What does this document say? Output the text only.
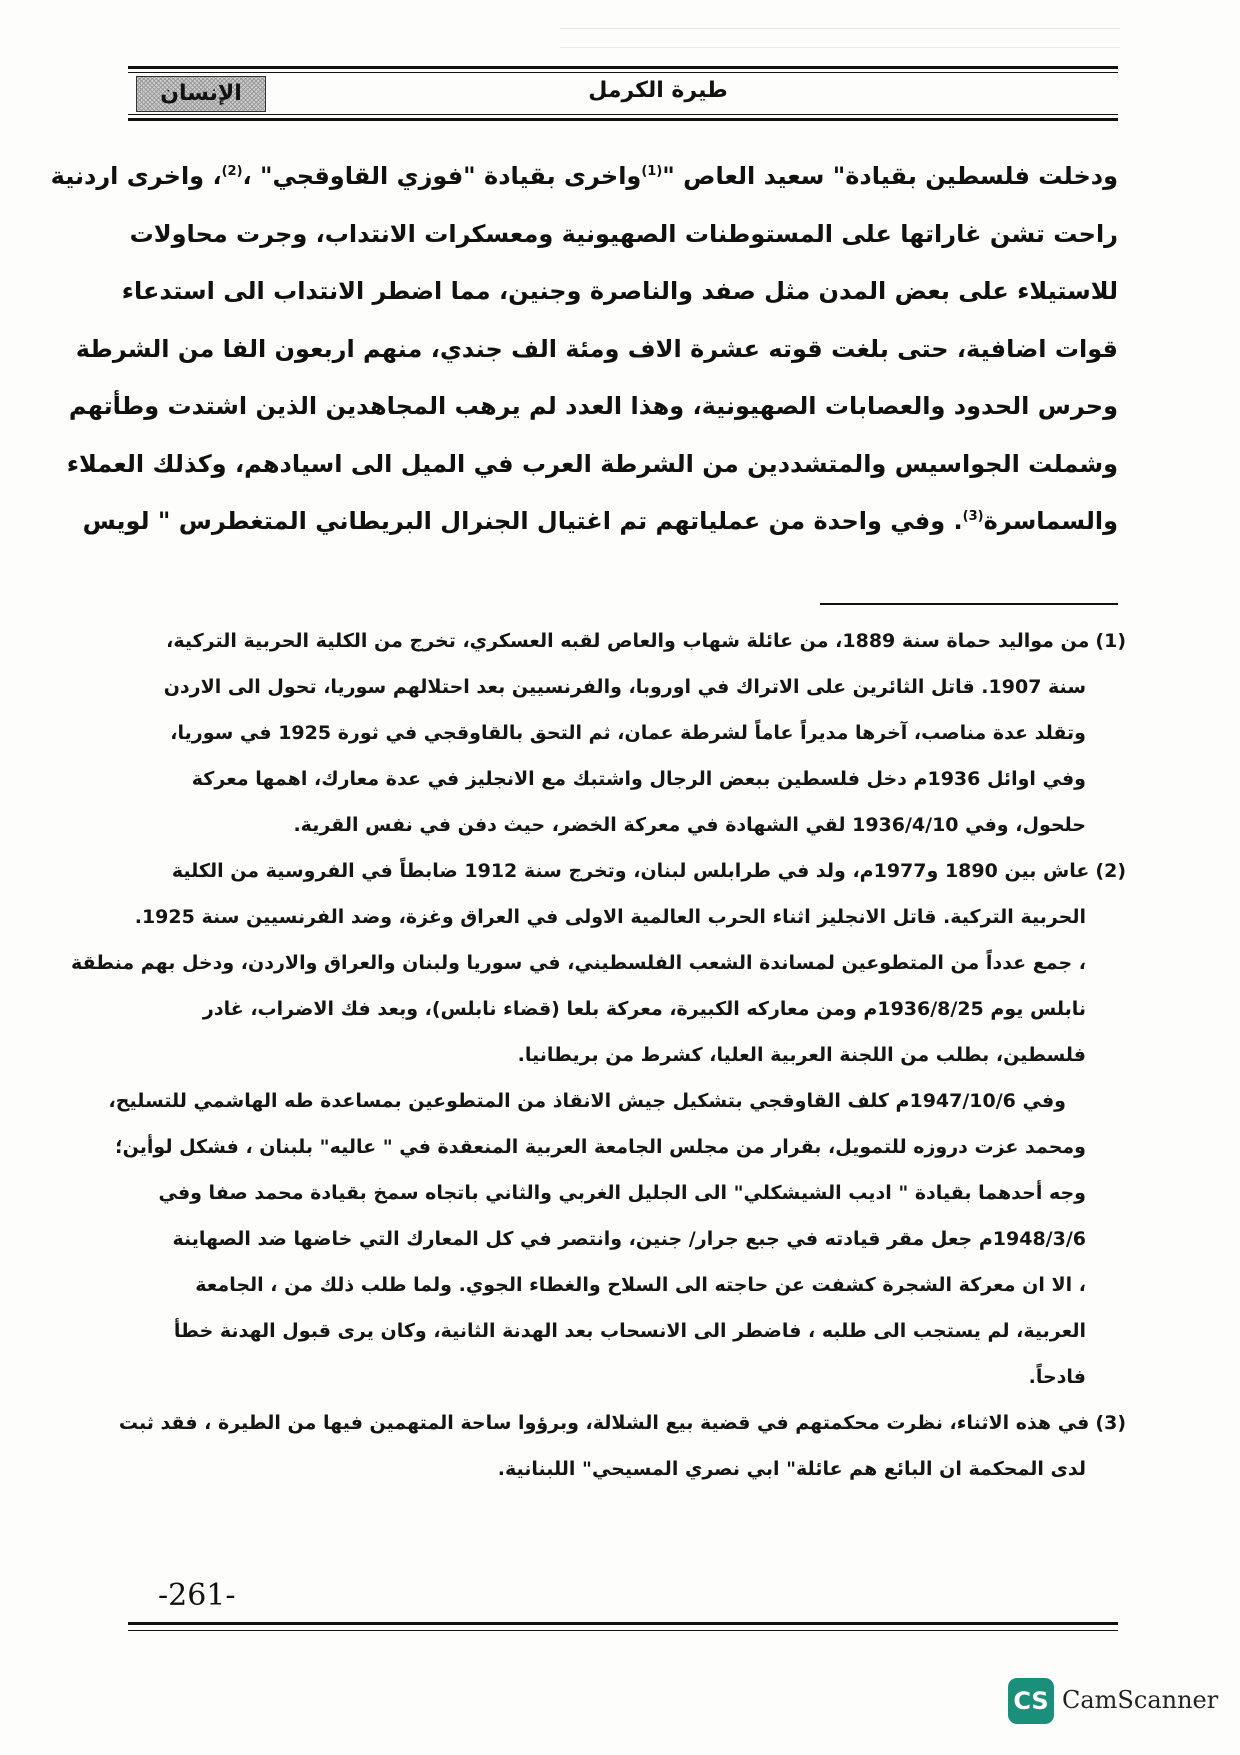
الإنسان	طيرة الكرمل
ودخلت فلسطين بقيادة" سعيد العاص "$^{(1)}$واخرى بقيادة "فوزي القاوقجي" ،$^{(2)}$، واخرى اردنية
راحت تشن غاراتها على المستوطنات الصهيونية ومعسكرات الانتداب، وجرت محاولات
للاستيلاء على بعض المدن مثل صفد والناصرة وجنين، مما اضطر الانتداب الى استدعاء
قوات اضافية، حتى بلغت قوته عشرة الاف ومئة الف جندي، منهم اربعون الفا من الشرطة
وحرس الحدود والعصابات الصهيونية، وهذا العدد لم يرهب المجاهدين الذين اشتدت وطأتهم
وشملت الجواسيس والمتشددين من الشرطة العرب في الميل الى اسيادهم، وكذلك العملاء
والسماسرة$^{(3)}$. وفي واحدة من عملياتهم تم اغتيال الجنرال البريطاني المتغطرس " لويس
(1)من مواليد حماة سنة 1889، من عائلة شهاب والعاص لقبه العسكري، تخرج من الكلية الحربية التركية،
سنة 1907. قاتل الثائرين على الاتراك في اوروبا، والفرنسيين بعد احتلالهم سوريا، تحول الى الاردن
وتقلد عدة مناصب، آخرها مديراً عاماً لشرطة عمان، ثم التحق بالقاوقجي في ثورة 1925 في سوريا،
وفي اوائل 1936م دخل فلسطين ببعض الرجال واشتبك مع الانجليز في عدة معارك، اهمها معركة
حلحول، وفي 1936/4/10 لقي الشهادة في معركة الخضر، حيث دفن في نفس القرية.
(2)عاش بين 1890 و1977م، ولد في طرابلس لبنان، وتخرج سنة 1912 ضابطاً في الفروسية من الكلية
الحربية التركية. قاتل الانجليز اثناء الحرب العالمية الاولى في العراق وغزة، وضد الفرنسيين سنة 1925.
، جمع عدداً من المتطوعين لمساندة الشعب الفلسطيني، في سوريا ولبنان والعراق والاردن، ودخل بهم منطقة
نابلس يوم 1936/8/25م ومن معاركه الكبيرة، معركة بلعا (قضاء نابلس)، وبعد فك الاضراب، غادر
فلسطين، بطلب من اللجنة العربية العليا، كشرط من بريطانيا.
وفي 1947/10/6م كلف القاوقجي بتشكيل جيش الانقاذ من المتطوعين بمساعدة طه الهاشمي للتسليح،
ومحمد عزت دروزه للتمويل، بقرار من مجلس الجامعة العربية المنعقدة في " عاليه" بلبنان ، فشكل لوأين؛
وجه أحدهما بقيادة " اديب الشيشكلي" الى الجليل الغربي والثاني باتجاه سمخ بقيادة محمد صفا وفي
1948/3/6م جعل مقر قيادته في جبع جرار/ جنين، وانتصر في كل المعارك التي خاضها ضد الصهاينة
، الا ان معركة الشجرة كشفت عن حاجته الى السلاح والغطاء الجوي. ولما طلب ذلك من ، الجامعة
العربية، لم يستجب الى طلبه ، فاضطر الى الانسحاب بعد الهدنة الثانية، وكان يرى قبول الهدنة خطأ
فادحاً.
(3)في هذه الاثناء، نظرت محكمتهم في قضية بيع الشلالة، وبرؤوا ساحة المتهمين فيها من الطيرة ، فقد ثبت
لدى المحكمة ان البائع هم عائلة" ابي نصري المسيحي" اللبنانية.
-261-
CS CamScanner
